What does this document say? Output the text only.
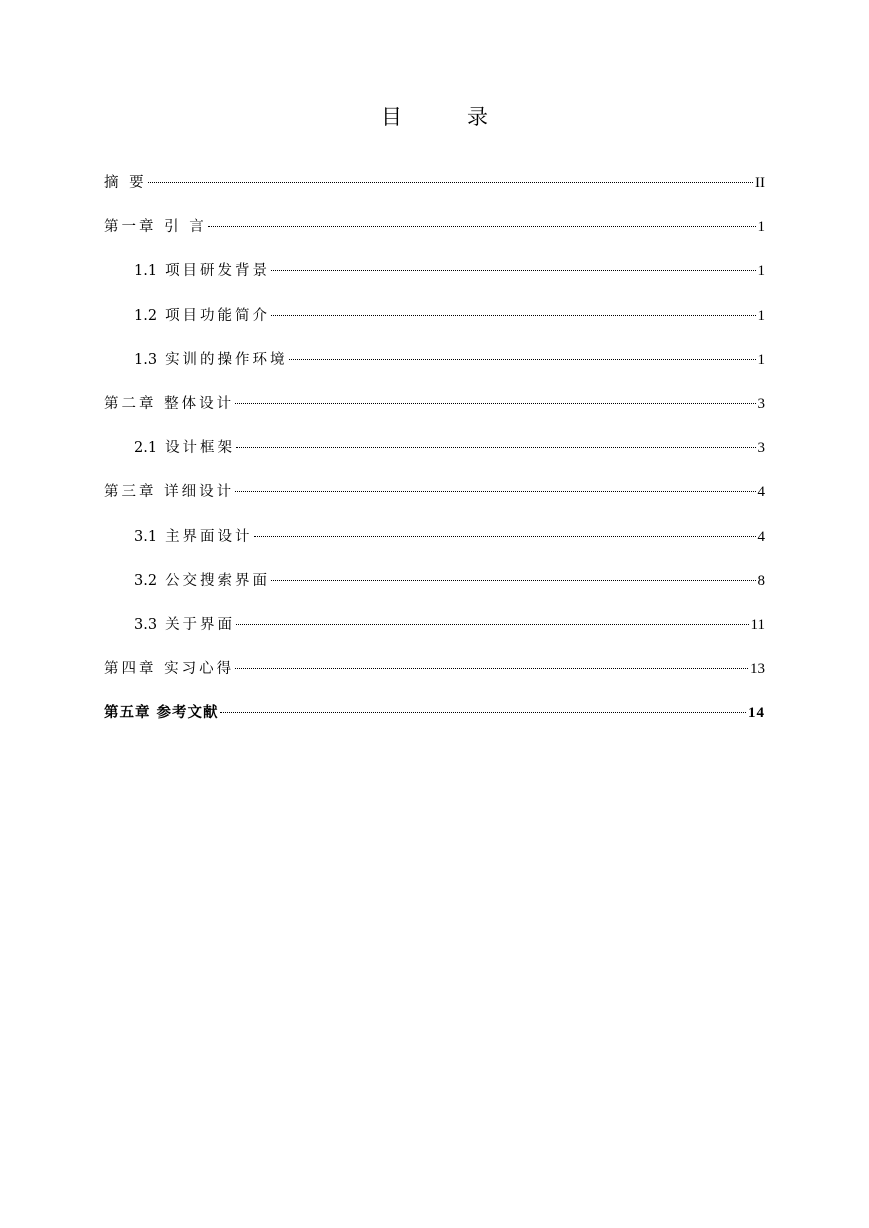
目　录
摘 要	II
第一章 引 言	1
1.1 项目研发背景	1
1.2 项目功能简介	1
1.3 实训的操作环境	1
第二章 整体设计	3
2.1 设计框架	3
第三章 详细设计	4
3.1 主界面设计	4
3.2 公交搜索界面	8
3.3 关于界面	11
第四章 实习心得	13
第五章 参考文献	14
